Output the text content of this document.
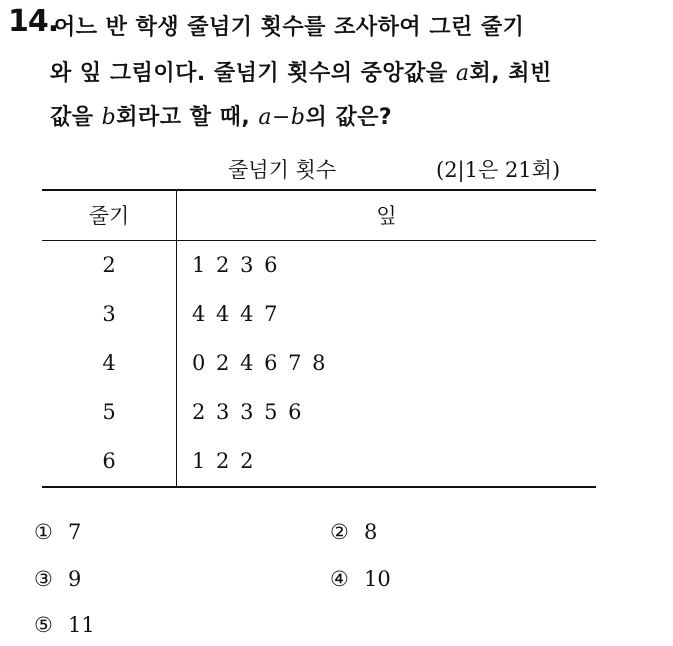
14.
어느 반 학생 줄넘기 횟수를 조사하여 그린 줄기
와 잎 그림이다. 줄넘기 횟수의 중앙값을 a회, 최빈
값을 b회라고 할 때, a−b의 값은?
줄넘기 횟수	(2|1은 21회)
줄기	잎
2	1 2 3 6
3	4 4 4 7
4	0 2 4 6 7 8
5	2 3 3 5 6
6	1 2 2
① 7	② 8
③ 9	④ 10
⑤ 11
